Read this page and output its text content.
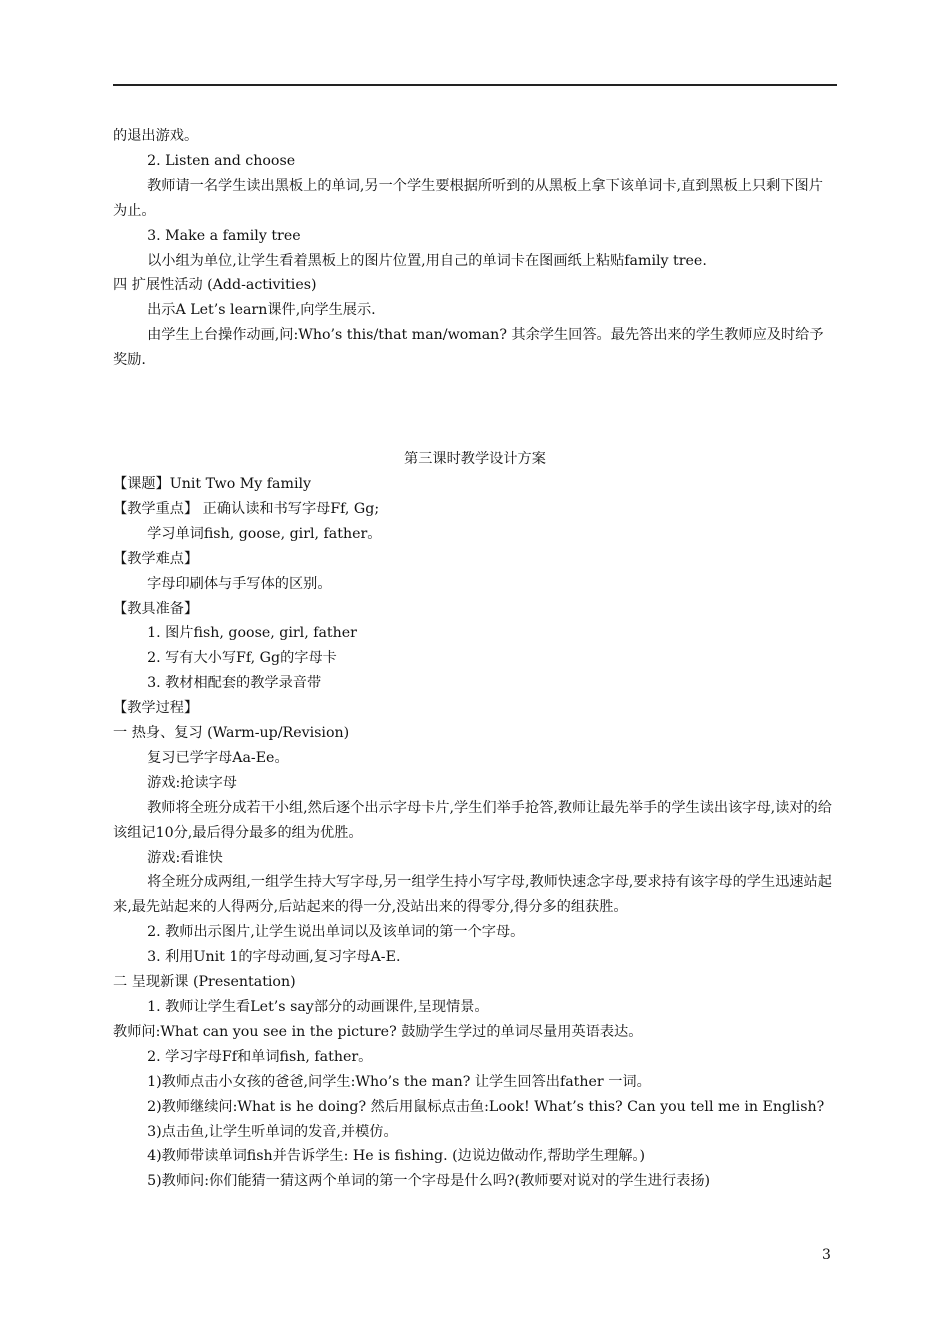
的退出游戏。

2. Listen and choose

教师请一名学生读出黑板上的单词,另一个学生要根据所听到的从黑板上拿下该单词卡,直到黑板上只剩下图片为止。

3. Make a family tree

以小组为单位,让学生看着黑板上的图片位置,用自己的单词卡在图画纸上粘贴family tree.

四 扩展性活动 (Add-activities)

出示A Let’s learn课件,向学生展示.

由学生上台操作动画,问:Who’s this/that man/woman? 其余学生回答。最先答出来的学生教师应及时给予奖励.

第三课时教学设计方案

【课题】Unit Two My family

【教学重点】 正确认读和书写字母Ff, Gg;

学习单词fish, goose, girl, father。

【教学难点】

字母印刷体与手写体的区别。

【教具准备】

1. 图片fish, goose, girl, father

2. 写有大小写Ff, Gg的字母卡

3. 教材相配套的教学录音带

【教学过程】

一 热身、复习 (Warm-up/Revision)

复习已学字母Aa-Ee。

游戏:抢读字母

教师将全班分成若干小组,然后逐个出示字母卡片,学生们举手抢答,教师让最先举手的学生读出该字母,读对的给该组记10分,最后得分最多的组为优胜。

游戏:看谁快

将全班分成两组,一组学生持大写字母,另一组学生持小写字母,教师快速念字母,要求持有该字母的学生迅速站起来,最先站起来的人得两分,后站起来的得一分,没站出来的得零分,得分多的组获胜。

2. 教师出示图片,让学生说出单词以及该单词的第一个字母。

3. 利用Unit 1的字母动画,复习字母A-E.

二 呈现新课 (Presentation)

1. 教师让学生看Let’s say部分的动画课件,呈现情景。

教师问:What can you see in the picture? 鼓励学生学过的单词尽量用英语表达。

2. 学习字母Ff和单词fish, father。

1)教师点击小女孩的爸爸,问学生:Who’s the man? 让学生回答出father 一词。

2)教师继续问:What is he doing? 然后用鼠标点击鱼:Look! What’s this? Can you tell me in English?

3)点击鱼,让学生听单词的发音,并模仿。

4)教师带读单词fish并告诉学生: He is fishing. (边说边做动作,帮助学生理解。)

5)教师问:你们能猜一猜这两个单词的第一个字母是什么吗?(教师要对说对的学生进行表扬)

3
